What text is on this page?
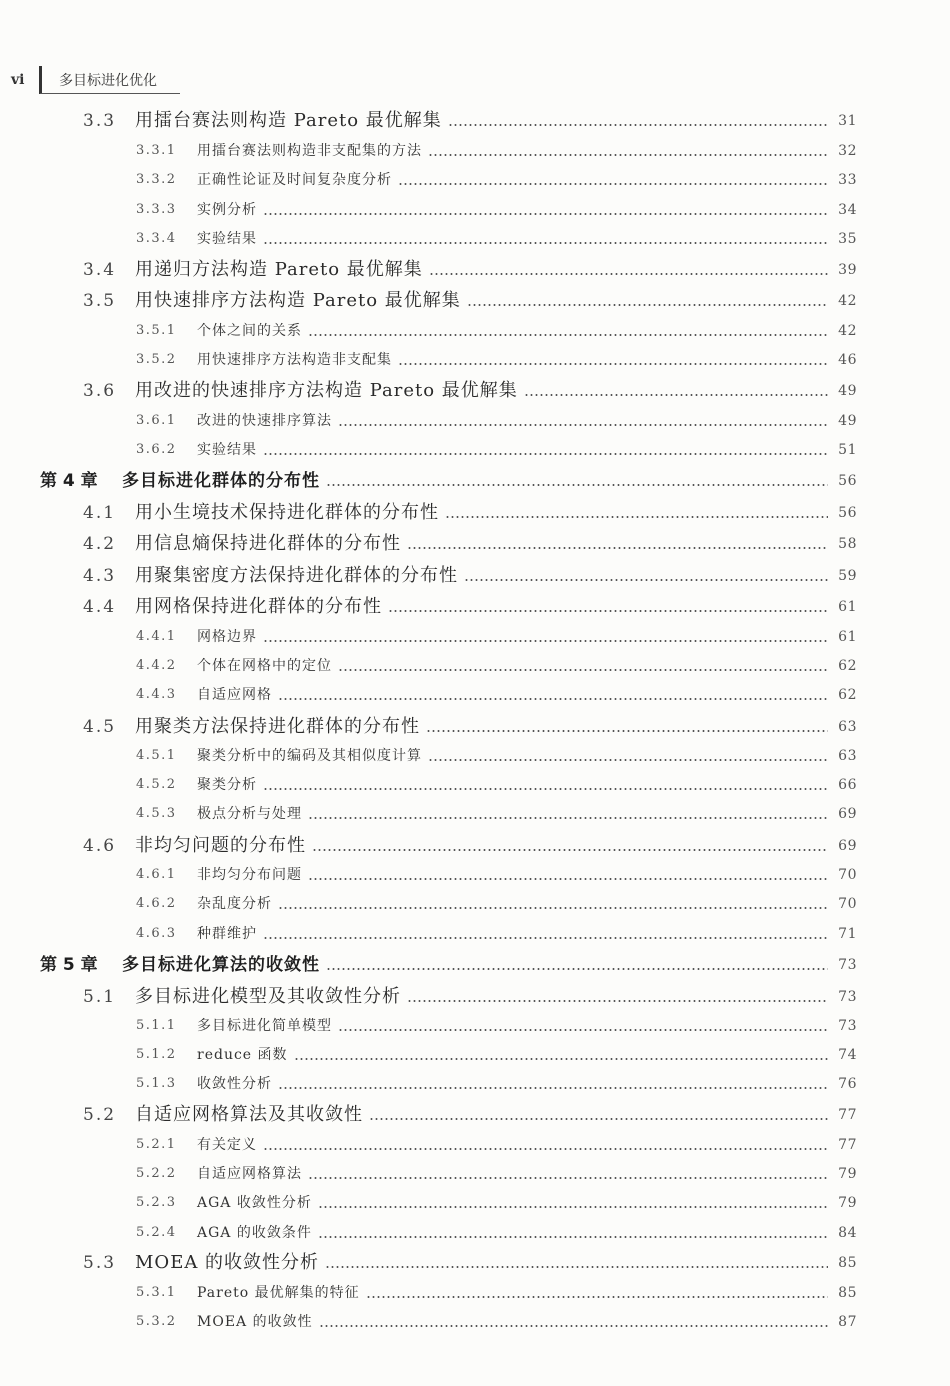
vi 多目标进化优化
3.3 用擂台赛法则构造 Pareto 最优解集	31
3.3.1 用擂台赛法则构造非支配集的方法	32
3.3.2 正确性论证及时间复杂度分析	33
3.3.3 实例分析	34
3.3.4 实验结果	35
3.4 用递归方法构造 Pareto 最优解集	39
3.5 用快速排序方法构造 Pareto 最优解集	42
3.5.1 个体之间的关系	42
3.5.2 用快速排序方法构造非支配集	46
3.6 用改进的快速排序方法构造 Pareto 最优解集	49
3.6.1 改进的快速排序算法	49
3.6.2 实验结果	51
第 4 章 多目标进化群体的分布性	56
4.1 用小生境技术保持进化群体的分布性	56
4.2 用信息熵保持进化群体的分布性	58
4.3 用聚集密度方法保持进化群体的分布性	59
4.4 用网格保持进化群体的分布性	61
4.4.1 网格边界	61
4.4.2 个体在网格中的定位	62
4.4.3 自适应网格	62
4.5 用聚类方法保持进化群体的分布性	63
4.5.1 聚类分析中的编码及其相似度计算	63
4.5.2 聚类分析	66
4.5.3 极点分析与处理	69
4.6 非均匀问题的分布性	69
4.6.1 非均匀分布问题	70
4.6.2 杂乱度分析	70
4.6.3 种群维护	71
第 5 章 多目标进化算法的收敛性	73
5.1 多目标进化模型及其收敛性分析	73
5.1.1 多目标进化简单模型	73
5.1.2 reduce 函数	74
5.1.3 收敛性分析	76
5.2 自适应网格算法及其收敛性	77
5.2.1 有关定义	77
5.2.2 自适应网格算法	79
5.2.3 AGA 收敛性分析	79
5.2.4 AGA 的收敛条件	84
5.3 MOEA 的收敛性分析	85
5.3.1 Pareto 最优解集的特征	85
5.3.2 MOEA 的收敛性	87
